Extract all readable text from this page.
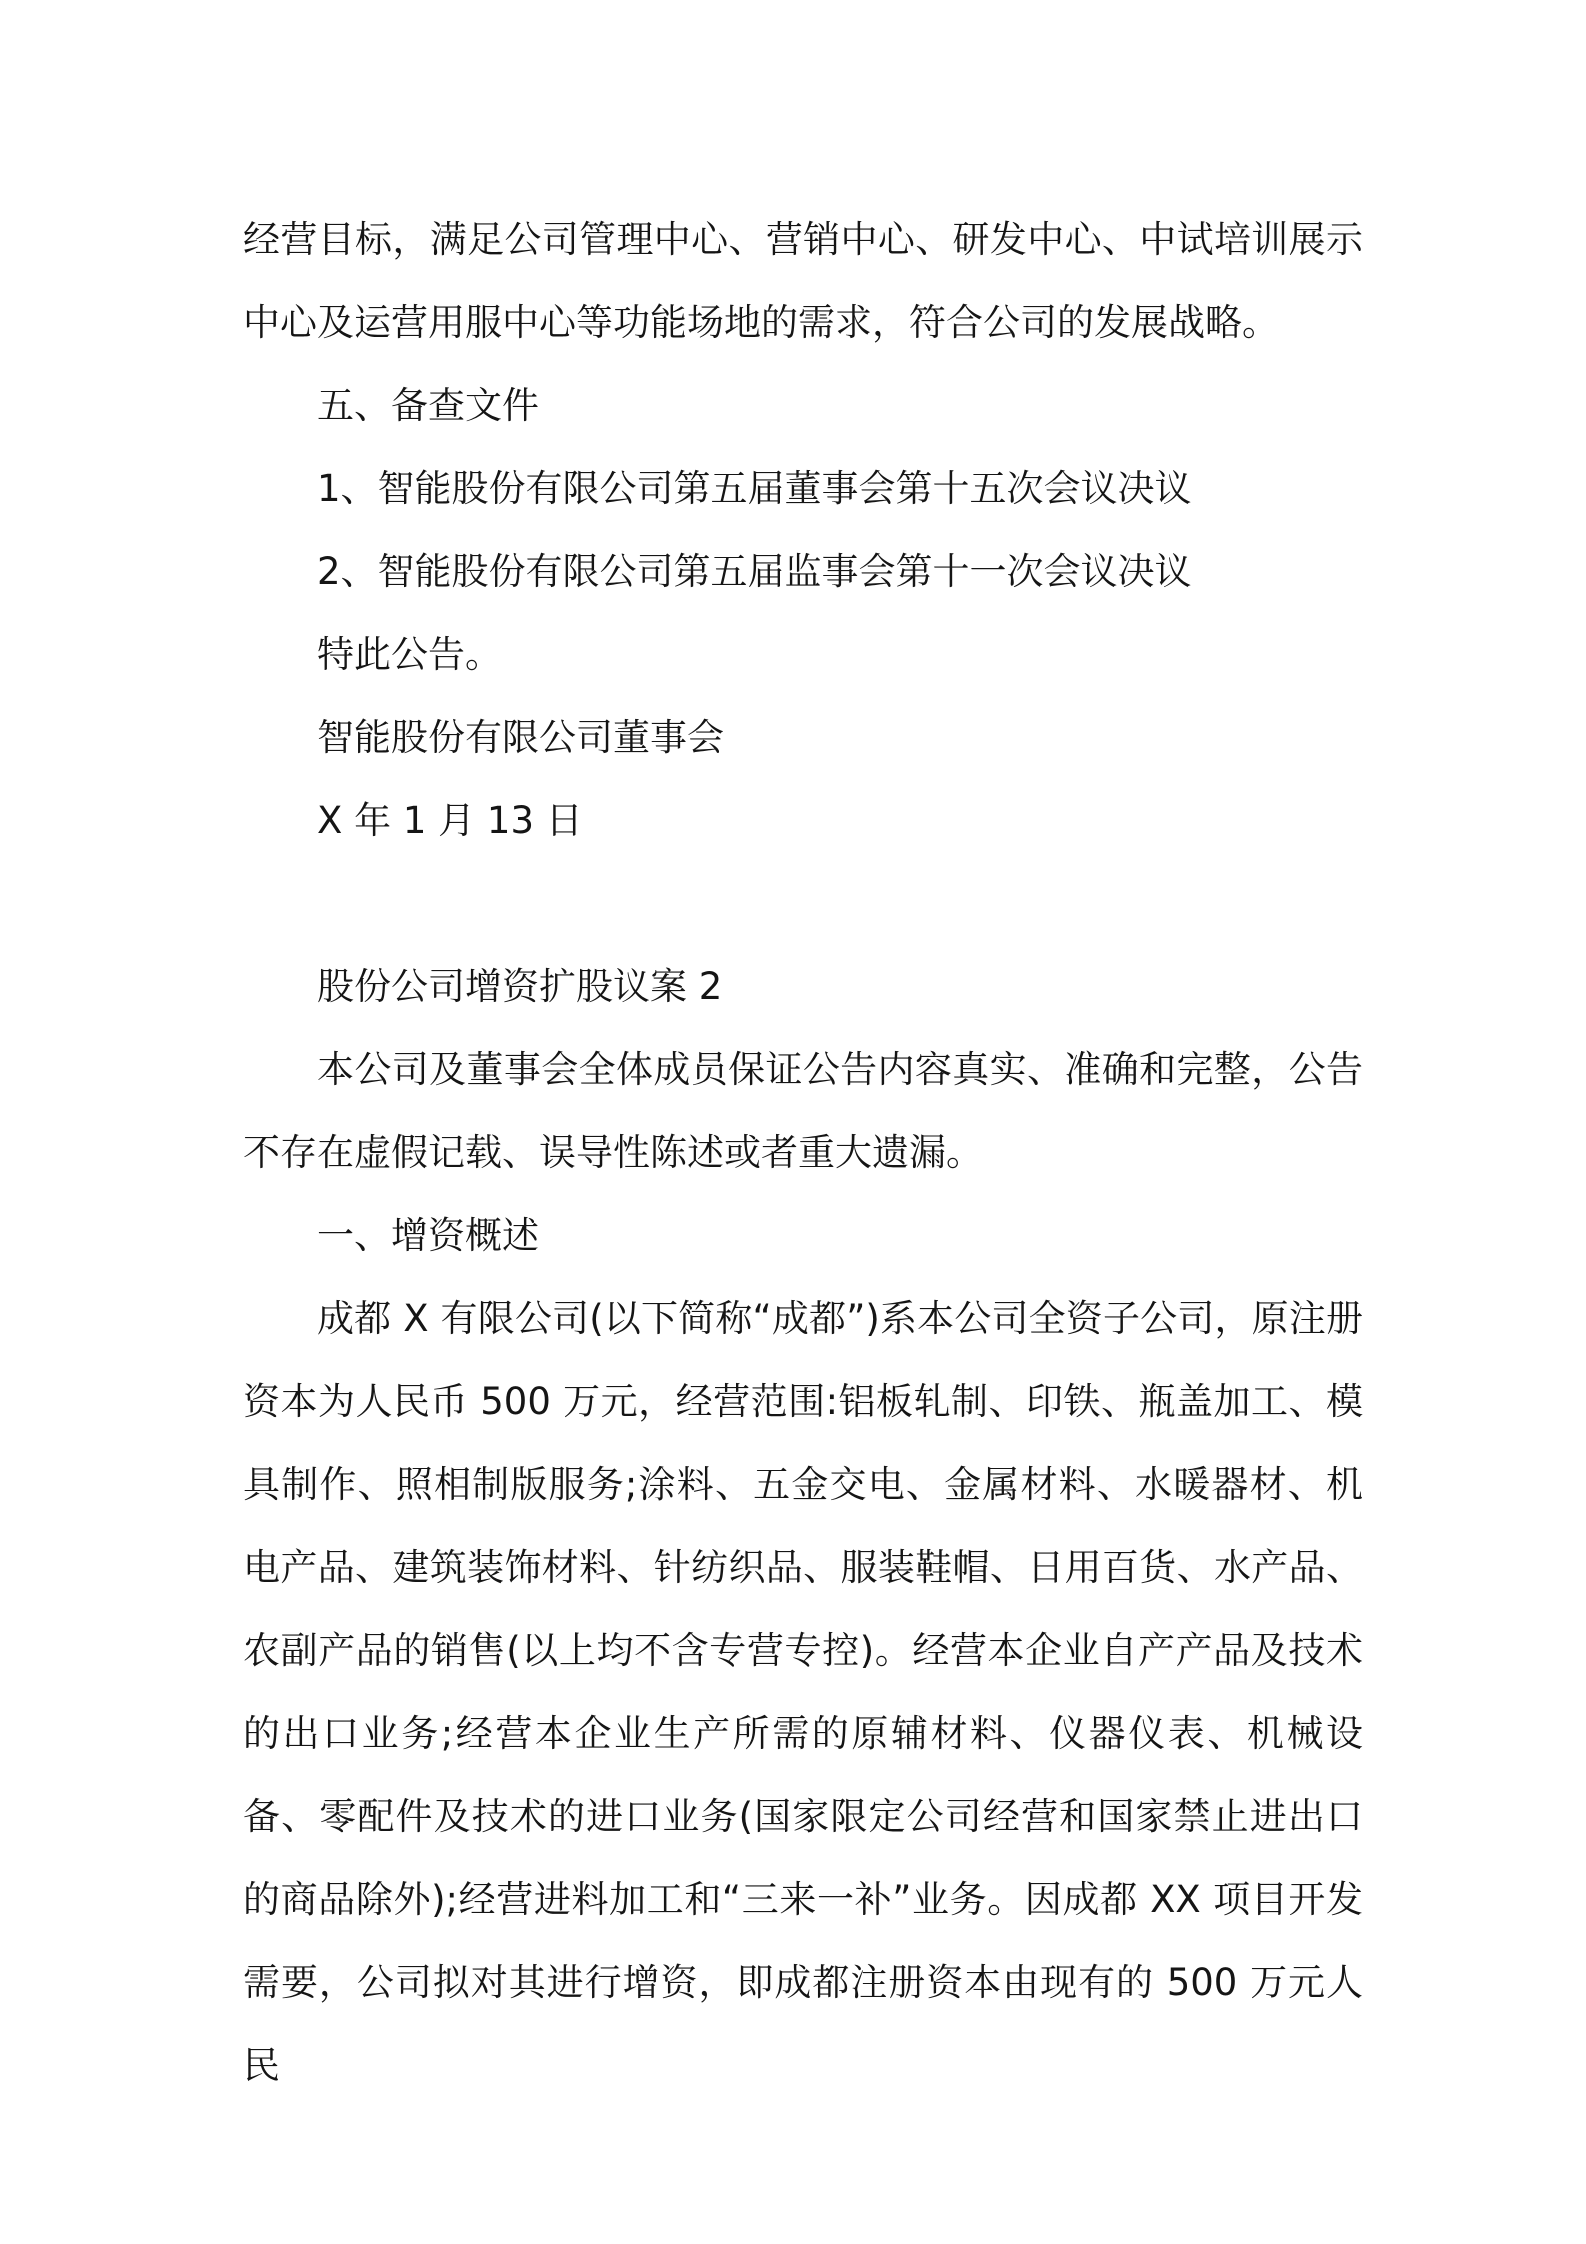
经营目标，满足公司管理中心、营销中心、研发中心、中试培训展示中心及运营用服中心等功能场地的需求，符合公司的发展战略。

五、备查文件

1、智能股份有限公司第五届董事会第十五次会议决议

2、智能股份有限公司第五届监事会第十一次会议决议

特此公告。

智能股份有限公司董事会

X 年 1 月 13 日

股份公司增资扩股议案 2

本公司及董事会全体成员保证公告内容真实、准确和完整，公告不存在虚假记载、误导性陈述或者重大遗漏。

一、增资概述

成都 X 有限公司(以下简称“成都”)系本公司全资子公司，原注册资本为人民币 500 万元，经营范围:铝板轧制、印铁、瓶盖加工、模具制作、照相制版服务;涂料、五金交电、金属材料、水暖器材、机电产品、建筑装饰材料、针纺织品、服装鞋帽、日用百货、水产品、农副产品的销售(以上均不含专营专控)。经营本企业自产产品及技术的出口业务;经营本企业生产所需的原辅材料、仪器仪表、机械设备、零配件及技术的进口业务(国家限定公司经营和国家禁止进出口的商品除外);经营进料加工和“三来一补”业务。因成都 XX 项目开发需要，公司拟对其进行增资，即成都注册资本由现有的 500 万元人民
